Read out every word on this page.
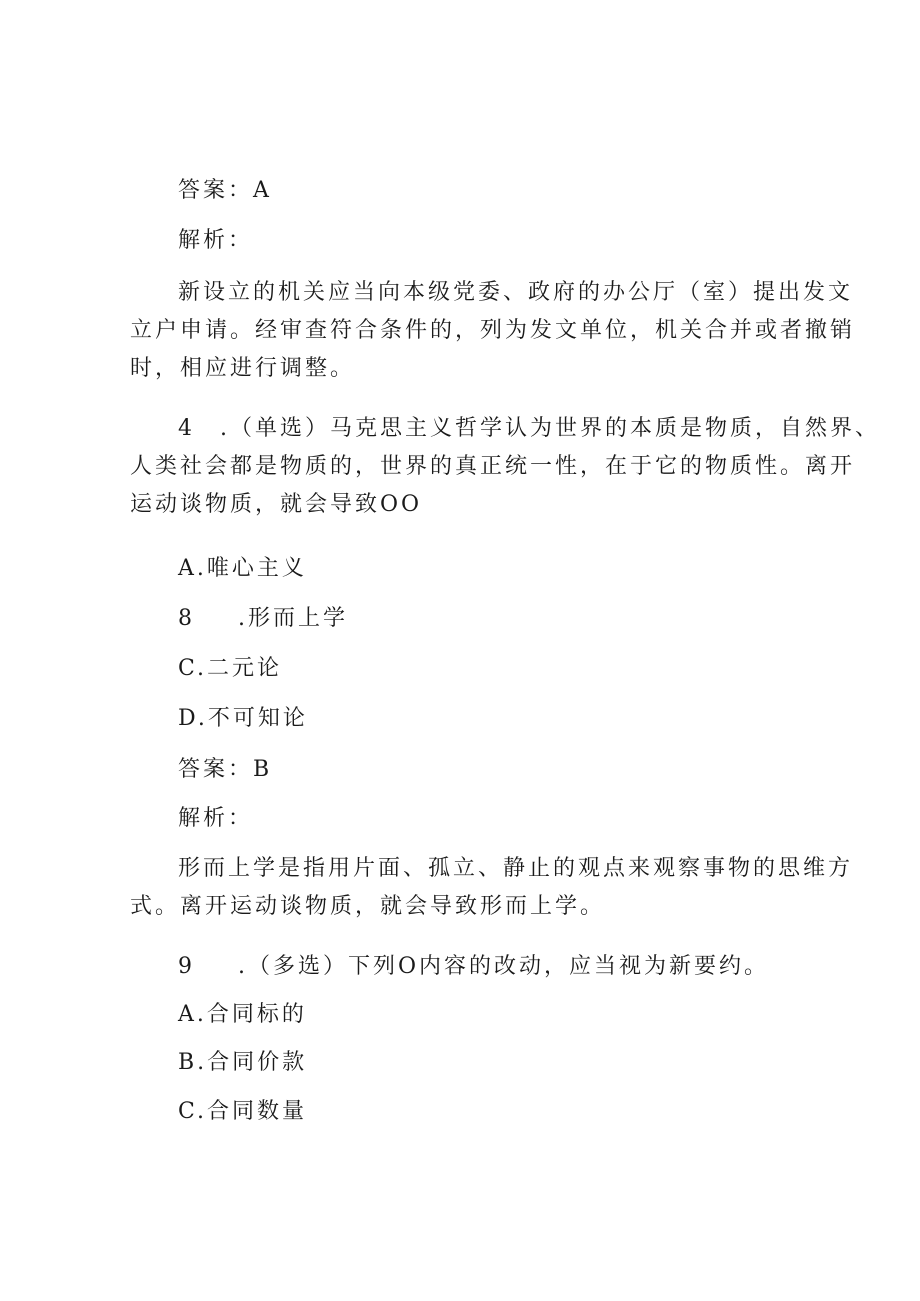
答案：A
解析：
新设立的机关应当向本级党委、政府的办公厅（室）提出发文
立户申请。经审查符合条件的，列为发文单位，机关合并或者撤销
时，相应进行调整。
4　.（单选）马克思主义哲学认为世界的本质是物质，自然界、
人类社会都是物质的，世界的真正统一性，在于它的物质性。离开
运动谈物质，就会导致OO
A.唯心主义
8 .形而上学
C.二元论
D.不可知论
答案：B
解析：
形而上学是指用片面、孤立、静止的观点来观察事物的思维方
式。离开运动谈物质，就会导致形而上学。
9 .（多选）下列O内容的改动，应当视为新要约。
A.合同标的
B.合同价款
C.合同数量
